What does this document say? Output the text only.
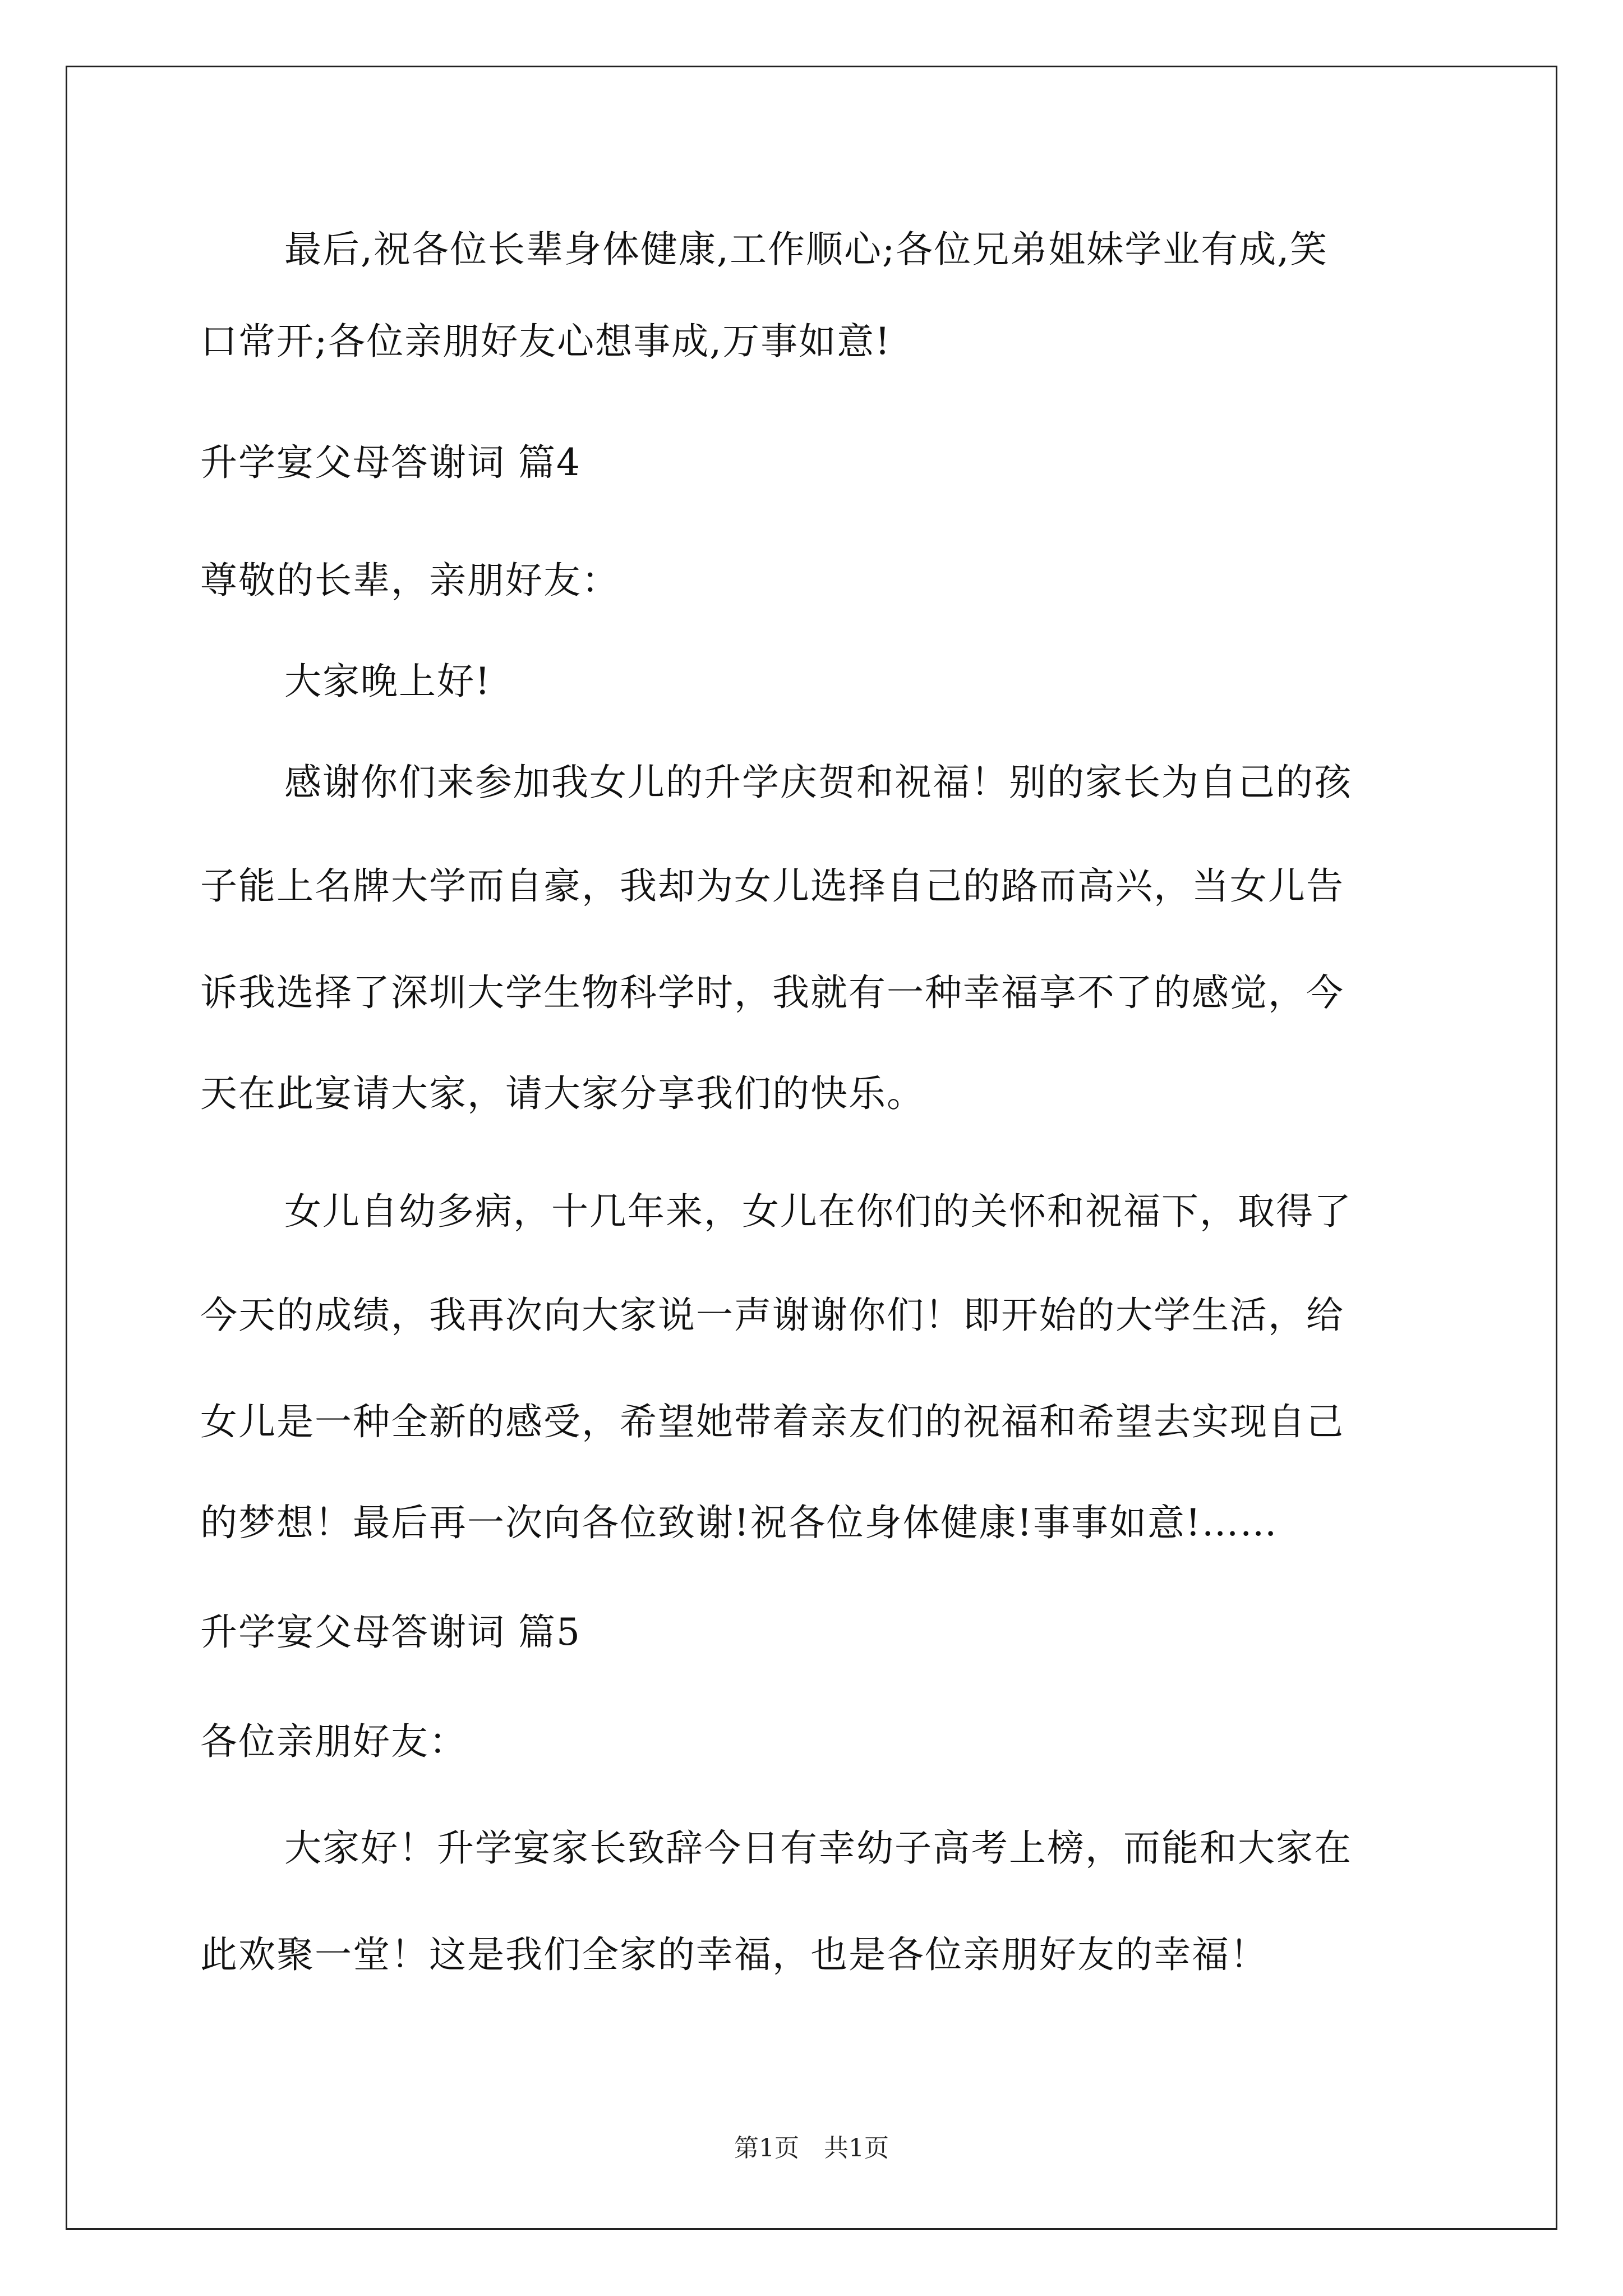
最后,祝各位长辈身体健康,工作顺心;各位兄弟姐妹学业有成,笑
口常开;各位亲朋好友心想事成,万事如意!
升学宴父母答谢词 篇4
尊敬的长辈，亲朋好友：
大家晚上好!
感谢你们来参加我女儿的升学庆贺和祝福！别的家长为自己的孩
子能上名牌大学而自豪，我却为女儿选择自己的路而高兴，当女儿告
诉我选择了深圳大学生物科学时，我就有一种幸福享不了的感觉，今
天在此宴请大家，请大家分享我们的快乐。
女儿自幼多病，十几年来，女儿在你们的关怀和祝福下，取得了
今天的成绩，我再次向大家说一声谢谢你们！即开始的大学生活，给
女儿是一种全新的感受，希望她带着亲友们的祝福和希望去实现自己
的梦想！最后再一次向各位致谢!祝各位身体健康!事事如意!……
升学宴父母答谢词 篇5
各位亲朋好友：
大家好！升学宴家长致辞今日有幸幼子高考上榜，而能和大家在
此欢聚一堂！这是我们全家的幸福，也是各位亲朋好友的幸福！
第1页　共1页
